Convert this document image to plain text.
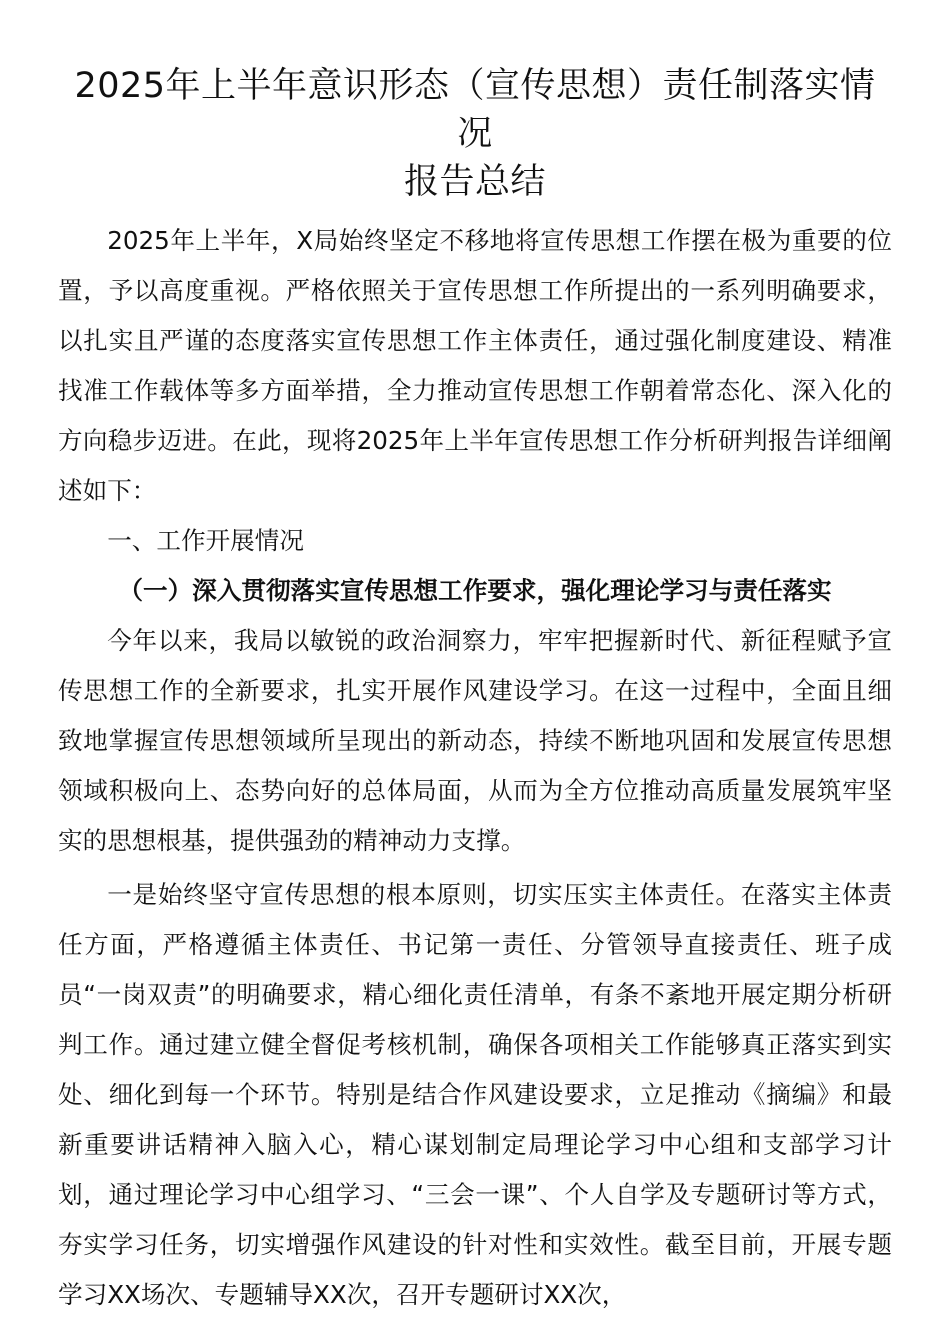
2025年上半年意识形态（宣传思想）责任制落实情况
报告总结

2025年上半年，X局始终坚定不移地将宣传思想工作摆在极为重要的位置，予以高度重视。严格依照关于宣传思想工作所提出的一系列明确要求，以扎实且严谨的态度落实宣传思想工作主体责任，通过强化制度建设、精准找准工作载体等多方面举措，全力推动宣传思想工作朝着常态化、深入化的方向稳步迈进。在此，现将2025年上半年宣传思想工作分析研判报告详细阐述如下：

一、工作开展情况

（一）深入贯彻落实宣传思想工作要求，强化理论学习与责任落实

今年以来，我局以敏锐的政治洞察力，牢牢把握新时代、新征程赋予宣传思想工作的全新要求，扎实开展作风建设学习。在这一过程中，全面且细致地掌握宣传思想领域所呈现出的新动态，持续不断地巩固和发展宣传思想领域积极向上、态势向好的总体局面，从而为全方位推动高质量发展筑牢坚实的思想根基，提供强劲的精神动力支撑。

一是始终坚守宣传思想的根本原则，切实压实主体责任。在落实主体责任方面，严格遵循主体责任、书记第一责任、分管领导直接责任、班子成员“一岗双责”的明确要求，精心细化责任清单，有条不紊地开展定期分析研判工作。通过建立健全督促考核机制，确保各项相关工作能够真正落实到实处、细化到每一个环节。特别是结合作风建设要求，立足推动《摘编》和最新重要讲话精神入脑入心，精心谋划制定局理论学习中心组和支部学习计划，通过理论学习中心组学习、“三会一课”、个人自学及专题研讨等方式，夯实学习任务，切实增强作风建设的针对性和实效性。截至目前，开展专题学习XX场次、专题辅导XX次，召开专题研讨XX次，
